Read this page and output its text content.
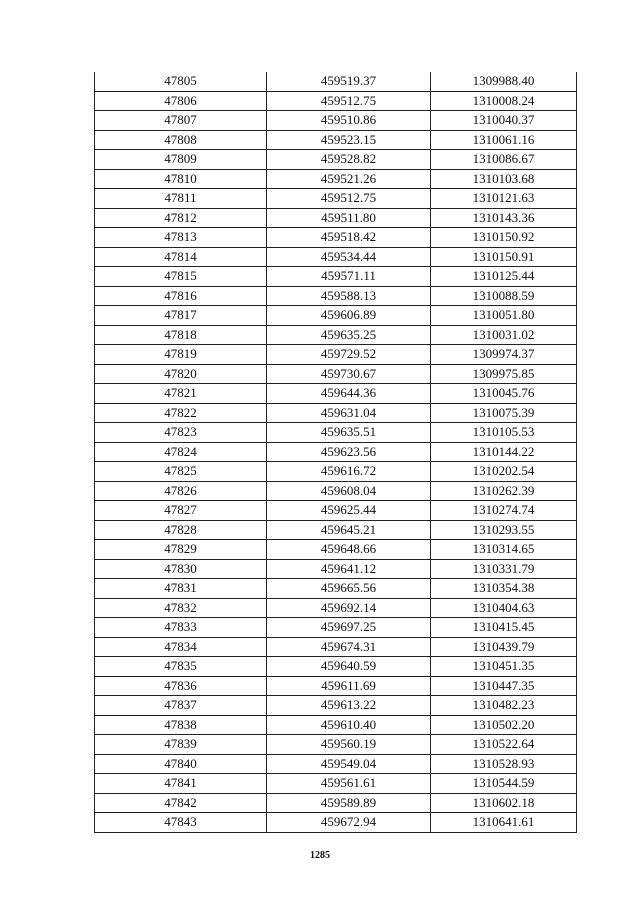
47805	459519.37	1309988.40
47806	459512.75	1310008.24
47807	459510.86	1310040.37
47808	459523.15	1310061.16
47809	459528.82	1310086.67
47810	459521.26	1310103.68
47811	459512.75	1310121.63
47812	459511.80	1310143.36
47813	459518.42	1310150.92
47814	459534.44	1310150.91
47815	459571.11	1310125.44
47816	459588.13	1310088.59
47817	459606.89	1310051.80
47818	459635.25	1310031.02
47819	459729.52	1309974.37
47820	459730.67	1309975.85
47821	459644.36	1310045.76
47822	459631.04	1310075.39
47823	459635.51	1310105.53
47824	459623.56	1310144.22
47825	459616.72	1310202.54
47826	459608.04	1310262.39
47827	459625.44	1310274.74
47828	459645.21	1310293.55
47829	459648.66	1310314.65
47830	459641.12	1310331.79
47831	459665.56	1310354.38
47832	459692.14	1310404.63
47833	459697.25	1310415.45
47834	459674.31	1310439.79
47835	459640.59	1310451.35
47836	459611.69	1310447.35
47837	459613.22	1310482.23
47838	459610.40	1310502.20
47839	459560.19	1310522.64
47840	459549.04	1310528.93
47841	459561.61	1310544.59
47842	459589.89	1310602.18
47843	459672.94	1310641.61
1285
